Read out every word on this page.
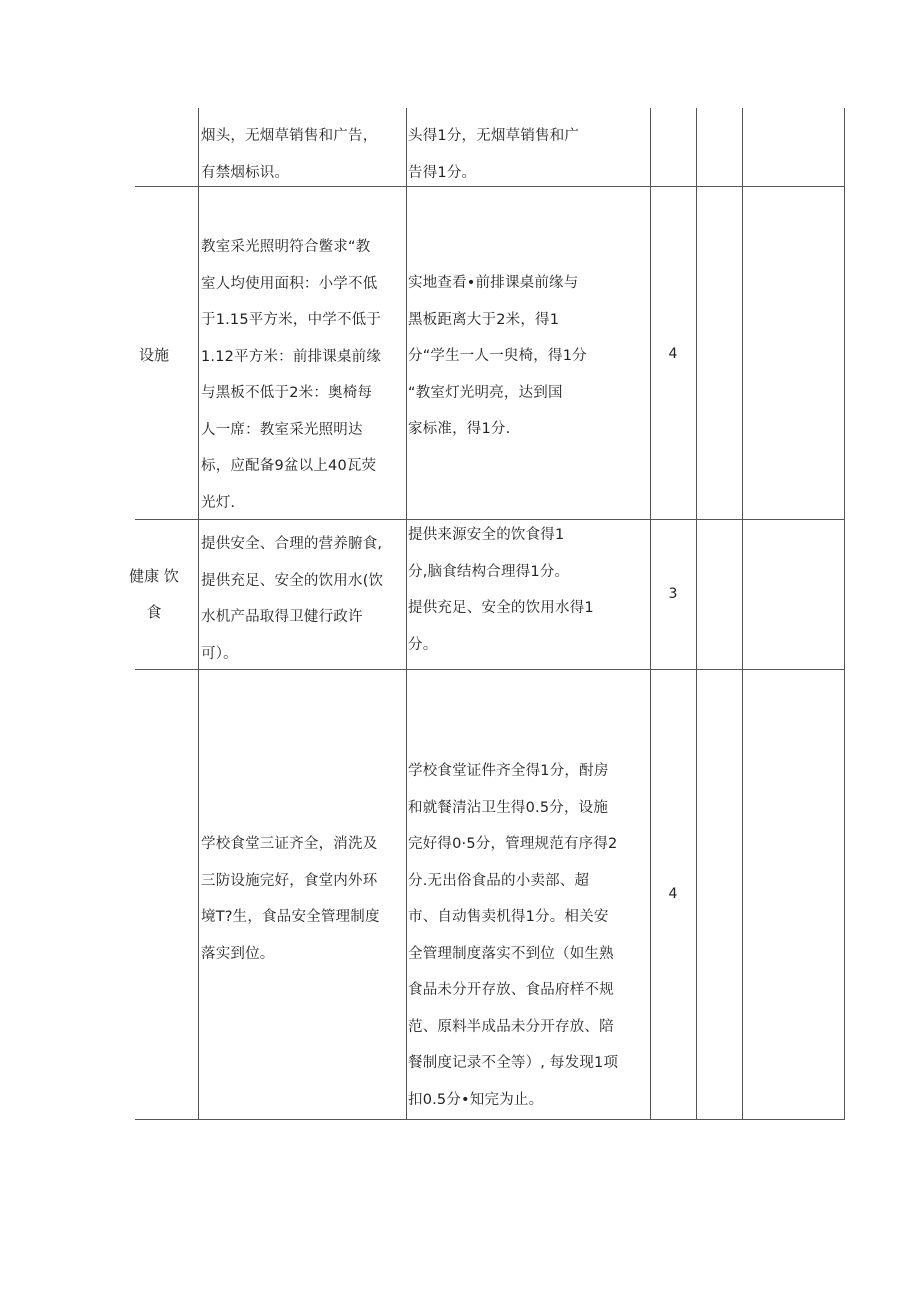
烟头，无烟草销售和广告，
有禁烟标识。
头得1分，无烟草销售和广
告得1分。
设施
教室采光照明符合鳖求“教
室人均使用面积：小学不低
于1.15平方米，中学不低于
1.12平方米：前排课桌前缘
与黑板不低于2米：奥椅每
人一席：教室采光照明达
标，应配备9盆以上40瓦荧
光灯.
实地查看•前排课桌前缘与
黑板距离大于2米，得1
分“学生一人一臾椅，得1分
“教室灯光明亮，达到国
家标准，得1分.
4
健康 饮食
提供安全、合理的营养腑食,
提供充足、安全的饮用水(饮
水机产品取得卫健行政许
可）。
提供来源安全的饮食得1
分,脑食结构合理得1分。
提供充足、安全的饮用水得1
分。
3
学校食堂三证齐全，消洗及
三防设施完好，食堂内外环
境T?生，食品安全管理制度
落实到位。
学校食堂证件齐全得1分，酎房
和就餐清沾卫生得0.5分，设施
完好得0·5分，管理规范有序得2
分.无出俗食品的小卖部、超
市、自动售卖机得1分。相关安
全管理制度落实不到位（如生熟
食品未分开存放、食品府样不规
范、原料半成品未分开存放、陪
餐制度记录不全等）, 每发现1项
扣0.5分•知完为止。
4
